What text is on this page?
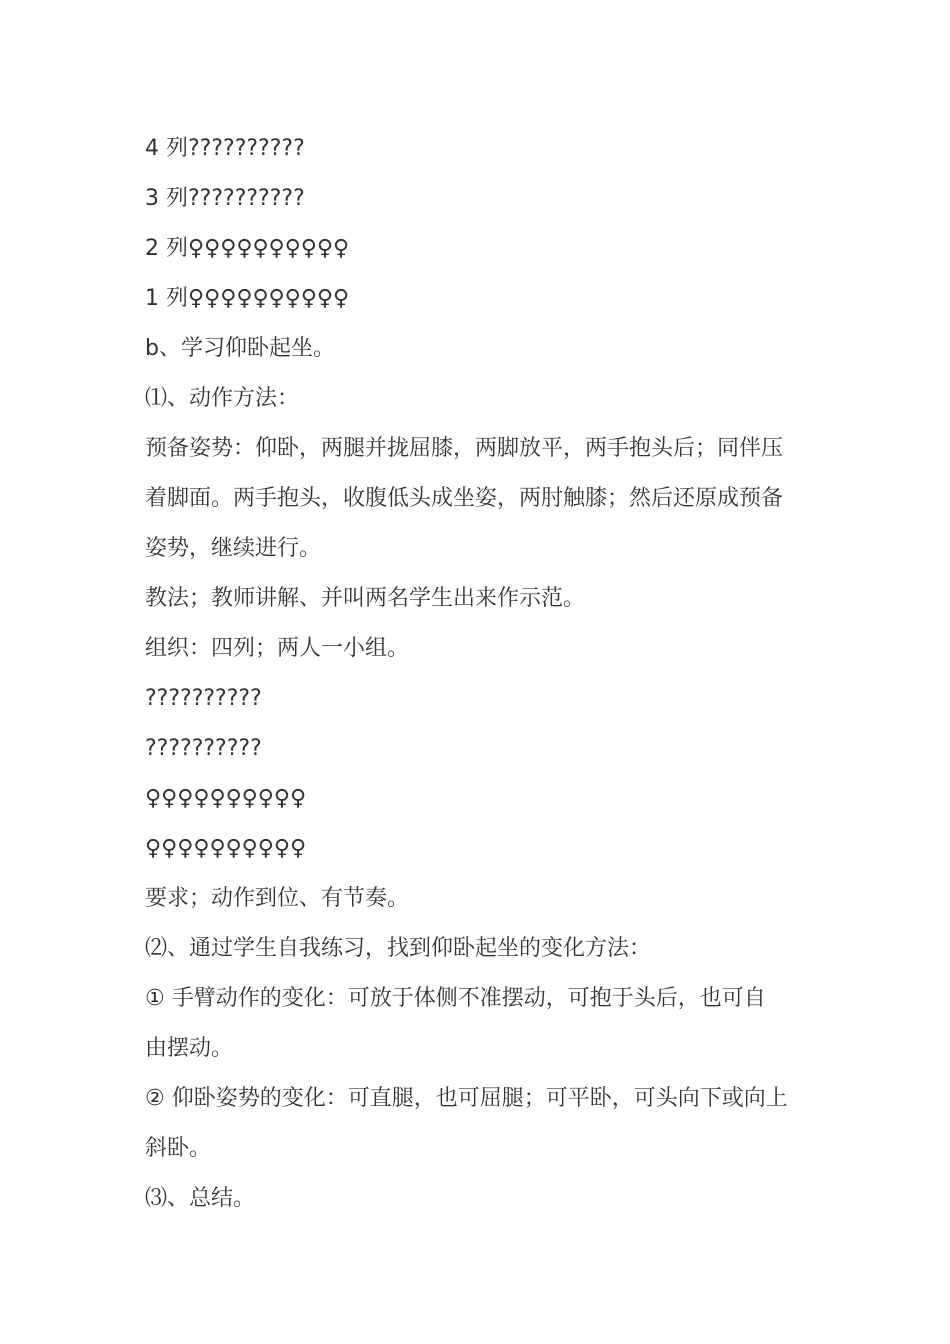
4 列??????????
3 列??????????
2 列♀♀♀♀♀♀♀♀♀♀
1 列♀♀♀♀♀♀♀♀♀♀
b、学习仰卧起坐。
⑴、动作方法：
预备姿势：仰卧，两腿并拢屈膝，两脚放平，两手抱头后；同伴压
着脚面。两手抱头，收腹低头成坐姿，两肘触膝；然后还原成预备
姿势，继续进行。
教法；教师讲解、并叫两名学生出来作示范。
组织：四列；两人一小组。
??????????
??????????
♀♀♀♀♀♀♀♀♀♀
♀♀♀♀♀♀♀♀♀♀
要求；动作到位、有节奏。
⑵、通过学生自我练习，找到仰卧起坐的变化方法：
① 手臂动作的变化：可放于体侧不准摆动，可抱于头后，也可自
由摆动。
② 仰卧姿势的变化：可直腿，也可屈腿；可平卧，可头向下或向上
斜卧。
⑶、总结。
